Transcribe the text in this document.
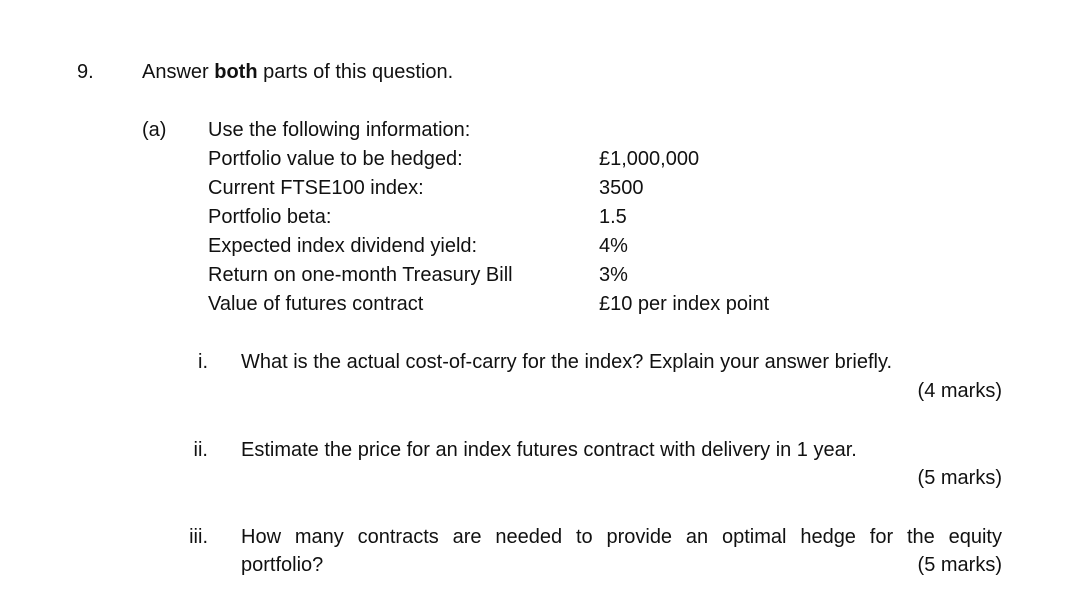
9. Answer both parts of this question.
(a) Use the following information:
Portfolio value to be hedged:	£1,000,000
Current FTSE100 index:	3500
Portfolio beta:	1.5
Expected index dividend yield:	4%
Return on one-month Treasury Bill	3%
Value of futures contract	£10 per index point
i. What is the actual cost-of-carry for the index? Explain your answer briefly.
(4 marks)
ii. Estimate the price for an index futures contract with delivery in 1 year.
(5 marks)
iii. How many contracts are needed to provide an optimal hedge for the equity
portfolio?	(5 marks)
